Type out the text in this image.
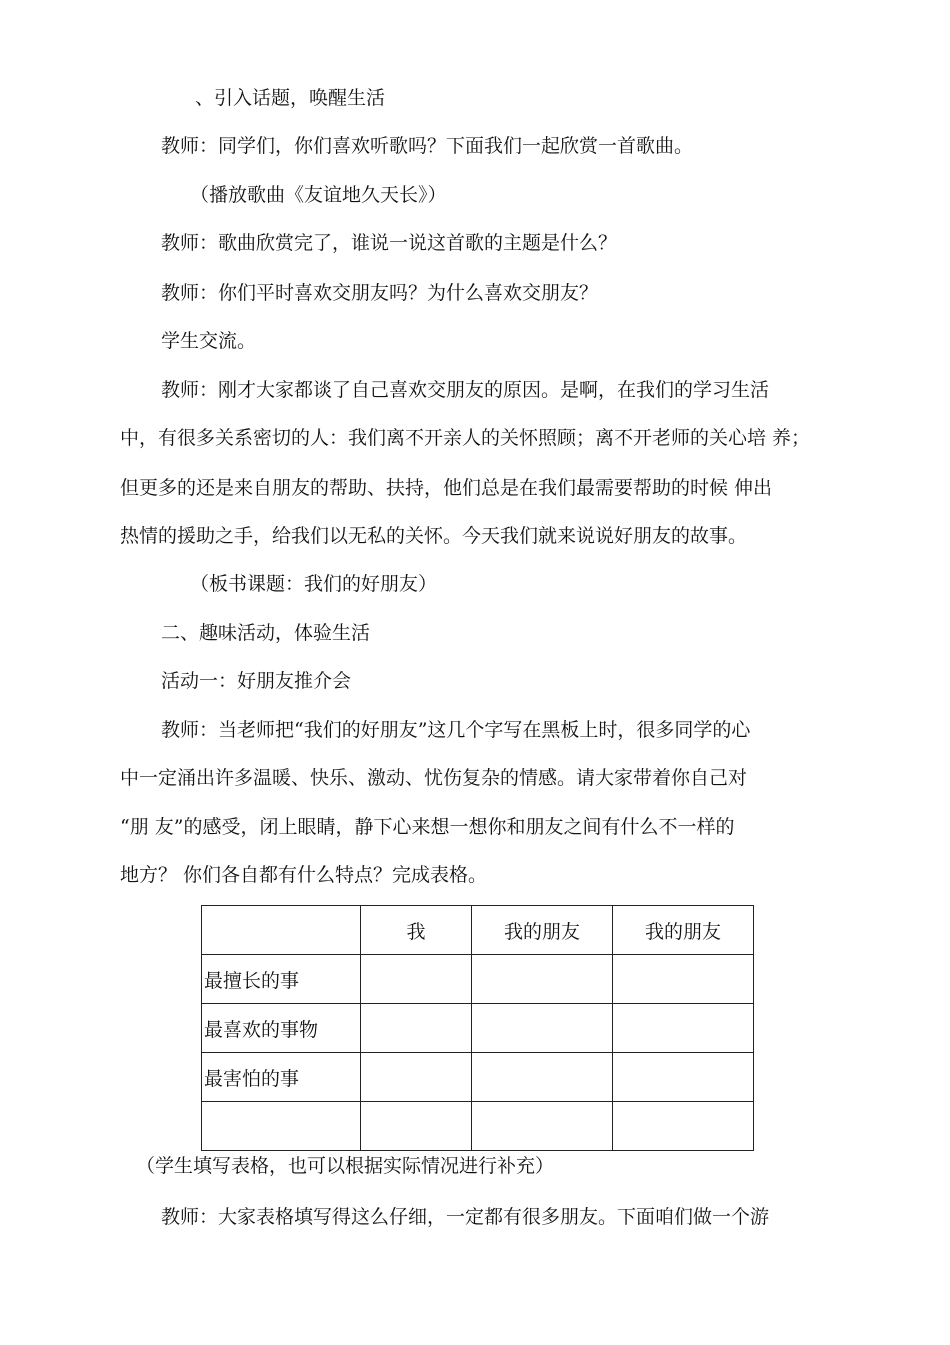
、引入话题，唤醒生活
教师：同学们，你们喜欢听歌吗？下面我们一起欣赏一首歌曲。
（播放歌曲《友谊地久天长》）
教师：歌曲欣赏完了，谁说一说这首歌的主题是什么？
教师：你们平时喜欢交朋友吗？为什么喜欢交朋友？
学生交流。
教师：刚才大家都谈了自己喜欢交朋友的原因。是啊，在我们的学习生活
中，有很多关系密切的人：我们离不开亲人的关怀照顾；离不开老师的关心培 养；
但更多的还是来自朋友的帮助、扶持，他们总是在我们最需要帮助的时候 伸出
热情的援助之手，给我们以无私的关怀。今天我们就来说说好朋友的故事。
（板书课题：我们的好朋友）
二、趣味活动，体验生活
活动一：好朋友推介会
教师：当老师把“我们的好朋友”这几个字写在黑板上时，很多同学的心
中一定涌出许多温暖、快乐、激动、忧伤复杂的情感。请大家带着你自己对
“朋 友”的感受，闭上眼睛，静下心来想一想你和朋友之间有什么不一样的
地方？ 你们各自都有什么特点？完成表格。
	我	我的朋友	我的朋友
最擅长的事			
最喜欢的事物			
最害怕的事			

（学生填写表格，也可以根据实际情况进行补充）
教师：大家表格填写得这么仔细，一定都有很多朋友。下面咱们做一个游
